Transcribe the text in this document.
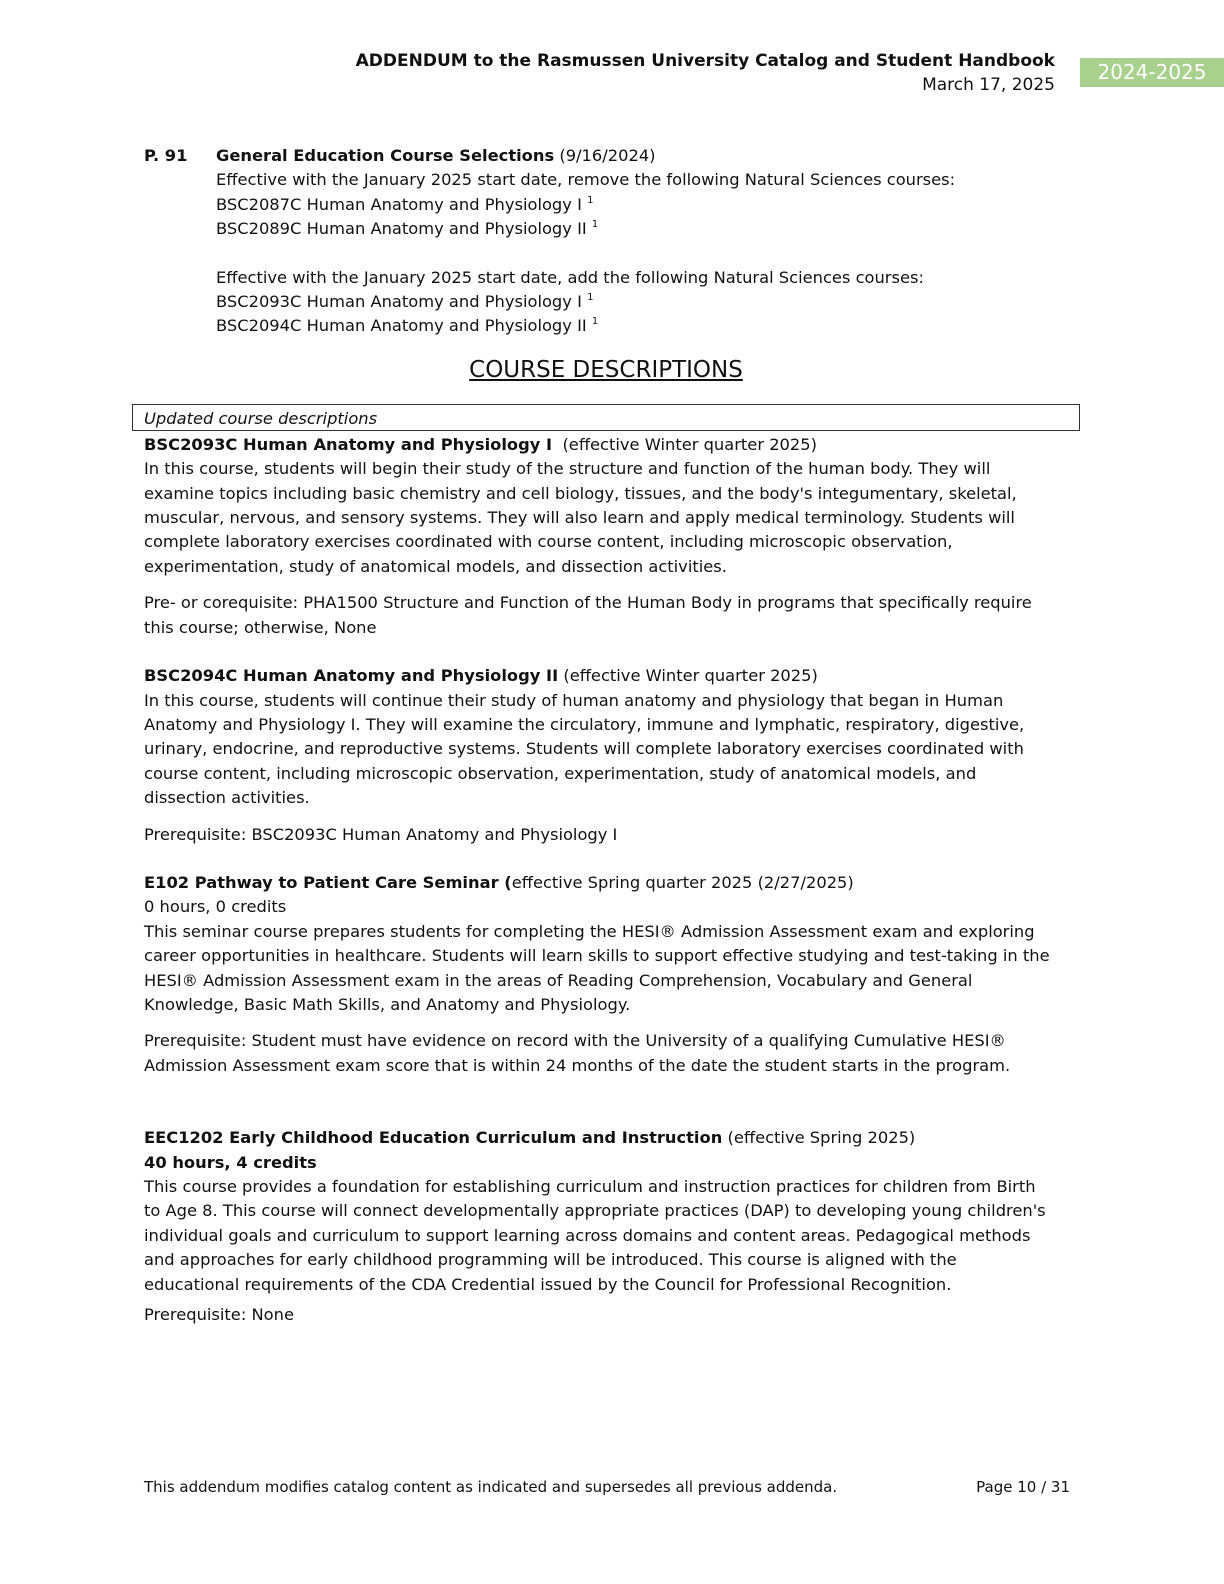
ADDENDUM to the Rasmussen University Catalog and Student Handbook
March 17, 2025
2024-2025
P. 91	General Education Course Selections (9/16/2024)
Effective with the January 2025 start date, remove the following Natural Sciences courses:
BSC2087C Human Anatomy and Physiology I $^1$
BSC2089C Human Anatomy and Physiology II $^1$
Effective with the January 2025 start date, add the following Natural Sciences courses:
BSC2093C Human Anatomy and Physiology I $^1$
BSC2094C Human Anatomy and Physiology II $^1$
COURSE DESCRIPTIONS
Updated course descriptions

BSC2093C Human Anatomy and Physiology I (effective Winter quarter 2025)

In this course, students will begin their study of the structure and function of the human body. They will

examine topics including basic chemistry and cell biology, tissues, and the body's integumentary, skeletal,

muscular, nervous, and sensory systems. They will also learn and apply medical terminology. Students will

complete laboratory exercises coordinated with course content, including microscopic observation,

experimentation, study of anatomical models, and dissection activities.

Pre- or corequisite: PHA1500 Structure and Function of the Human Body in programs that specifically require

this course; otherwise, None

BSC2094C Human Anatomy and Physiology II (effective Winter quarter 2025)

In this course, students will continue their study of human anatomy and physiology that began in Human

Anatomy and Physiology I. They will examine the circulatory, immune and lymphatic, respiratory, digestive,

urinary, endocrine, and reproductive systems. Students will complete laboratory exercises coordinated with

course content, including microscopic observation, experimentation, study of anatomical models, and

dissection activities.

Prerequisite: BSC2093C Human Anatomy and Physiology I

E102 Pathway to Patient Care Seminar (effective Spring quarter 2025 (2/27/2025)

0 hours, 0 credits

This seminar course prepares students for completing the HESI® Admission Assessment exam and exploring

career opportunities in healthcare. Students will learn skills to support effective studying and test-taking in the

HESI® Admission Assessment exam in the areas of Reading Comprehension, Vocabulary and General

Knowledge, Basic Math Skills, and Anatomy and Physiology.

Prerequisite: Student must have evidence on record with the University of a qualifying Cumulative HESI®

Admission Assessment exam score that is within 24 months of the date the student starts in the program.

EEC1202 Early Childhood Education Curriculum and Instruction (effective Spring 2025)

40 hours, 4 credits

This course provides a foundation for establishing curriculum and instruction practices for children from Birth

to Age 8. This course will connect developmentally appropriate practices (DAP) to developing young children's

individual goals and curriculum to support learning across domains and content areas. Pedagogical methods

and approaches for early childhood programming will be introduced. This course is aligned with the

educational requirements of the CDA Credential issued by the Council for Professional Recognition.

Prerequisite: None

This addendum modifies catalog content as indicated and supersedes all previous addenda.	Page 10 / 31
